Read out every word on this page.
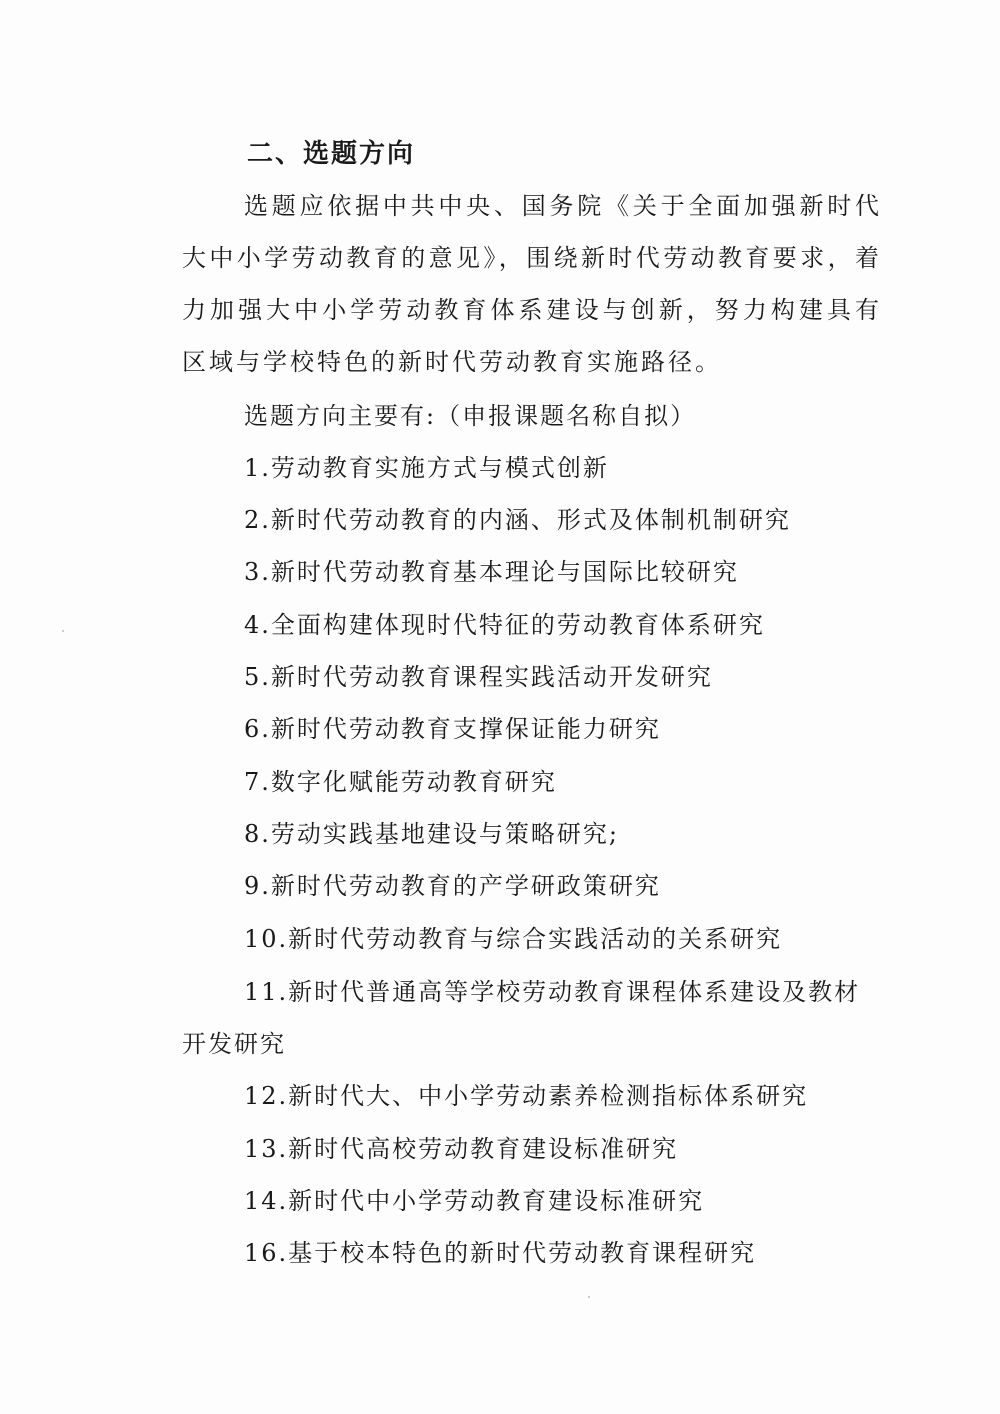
二、选题方向
选题应依据中共中央、国务院《关于全面加强新时代大中小学劳动教育的意见》，围绕新时代劳动教育要求，着力加强大中小学劳动教育体系建设与创新，努力构建具有区域与学校特色的新时代劳动教育实施路径。
选题方向主要有:（申报课题名称自拟）
1.劳动教育实施方式与模式创新
2.新时代劳动教育的内涵、形式及体制机制研究
3.新时代劳动教育基本理论与国际比较研究
4.全面构建体现时代特征的劳动教育体系研究
5.新时代劳动教育课程实践活动开发研究
6.新时代劳动教育支撑保证能力研究
7.数字化赋能劳动教育研究
8.劳动实践基地建设与策略研究;
9.新时代劳动教育的产学研政策研究
10.新时代劳动教育与综合实践活动的关系研究
11.新时代普通高等学校劳动教育课程体系建设及教材开发研究
12.新时代大、中小学劳动素养检测指标体系研究
13.新时代高校劳动教育建设标准研究
14.新时代中小学劳动教育建设标准研究
16.基于校本特色的新时代劳动教育课程研究
